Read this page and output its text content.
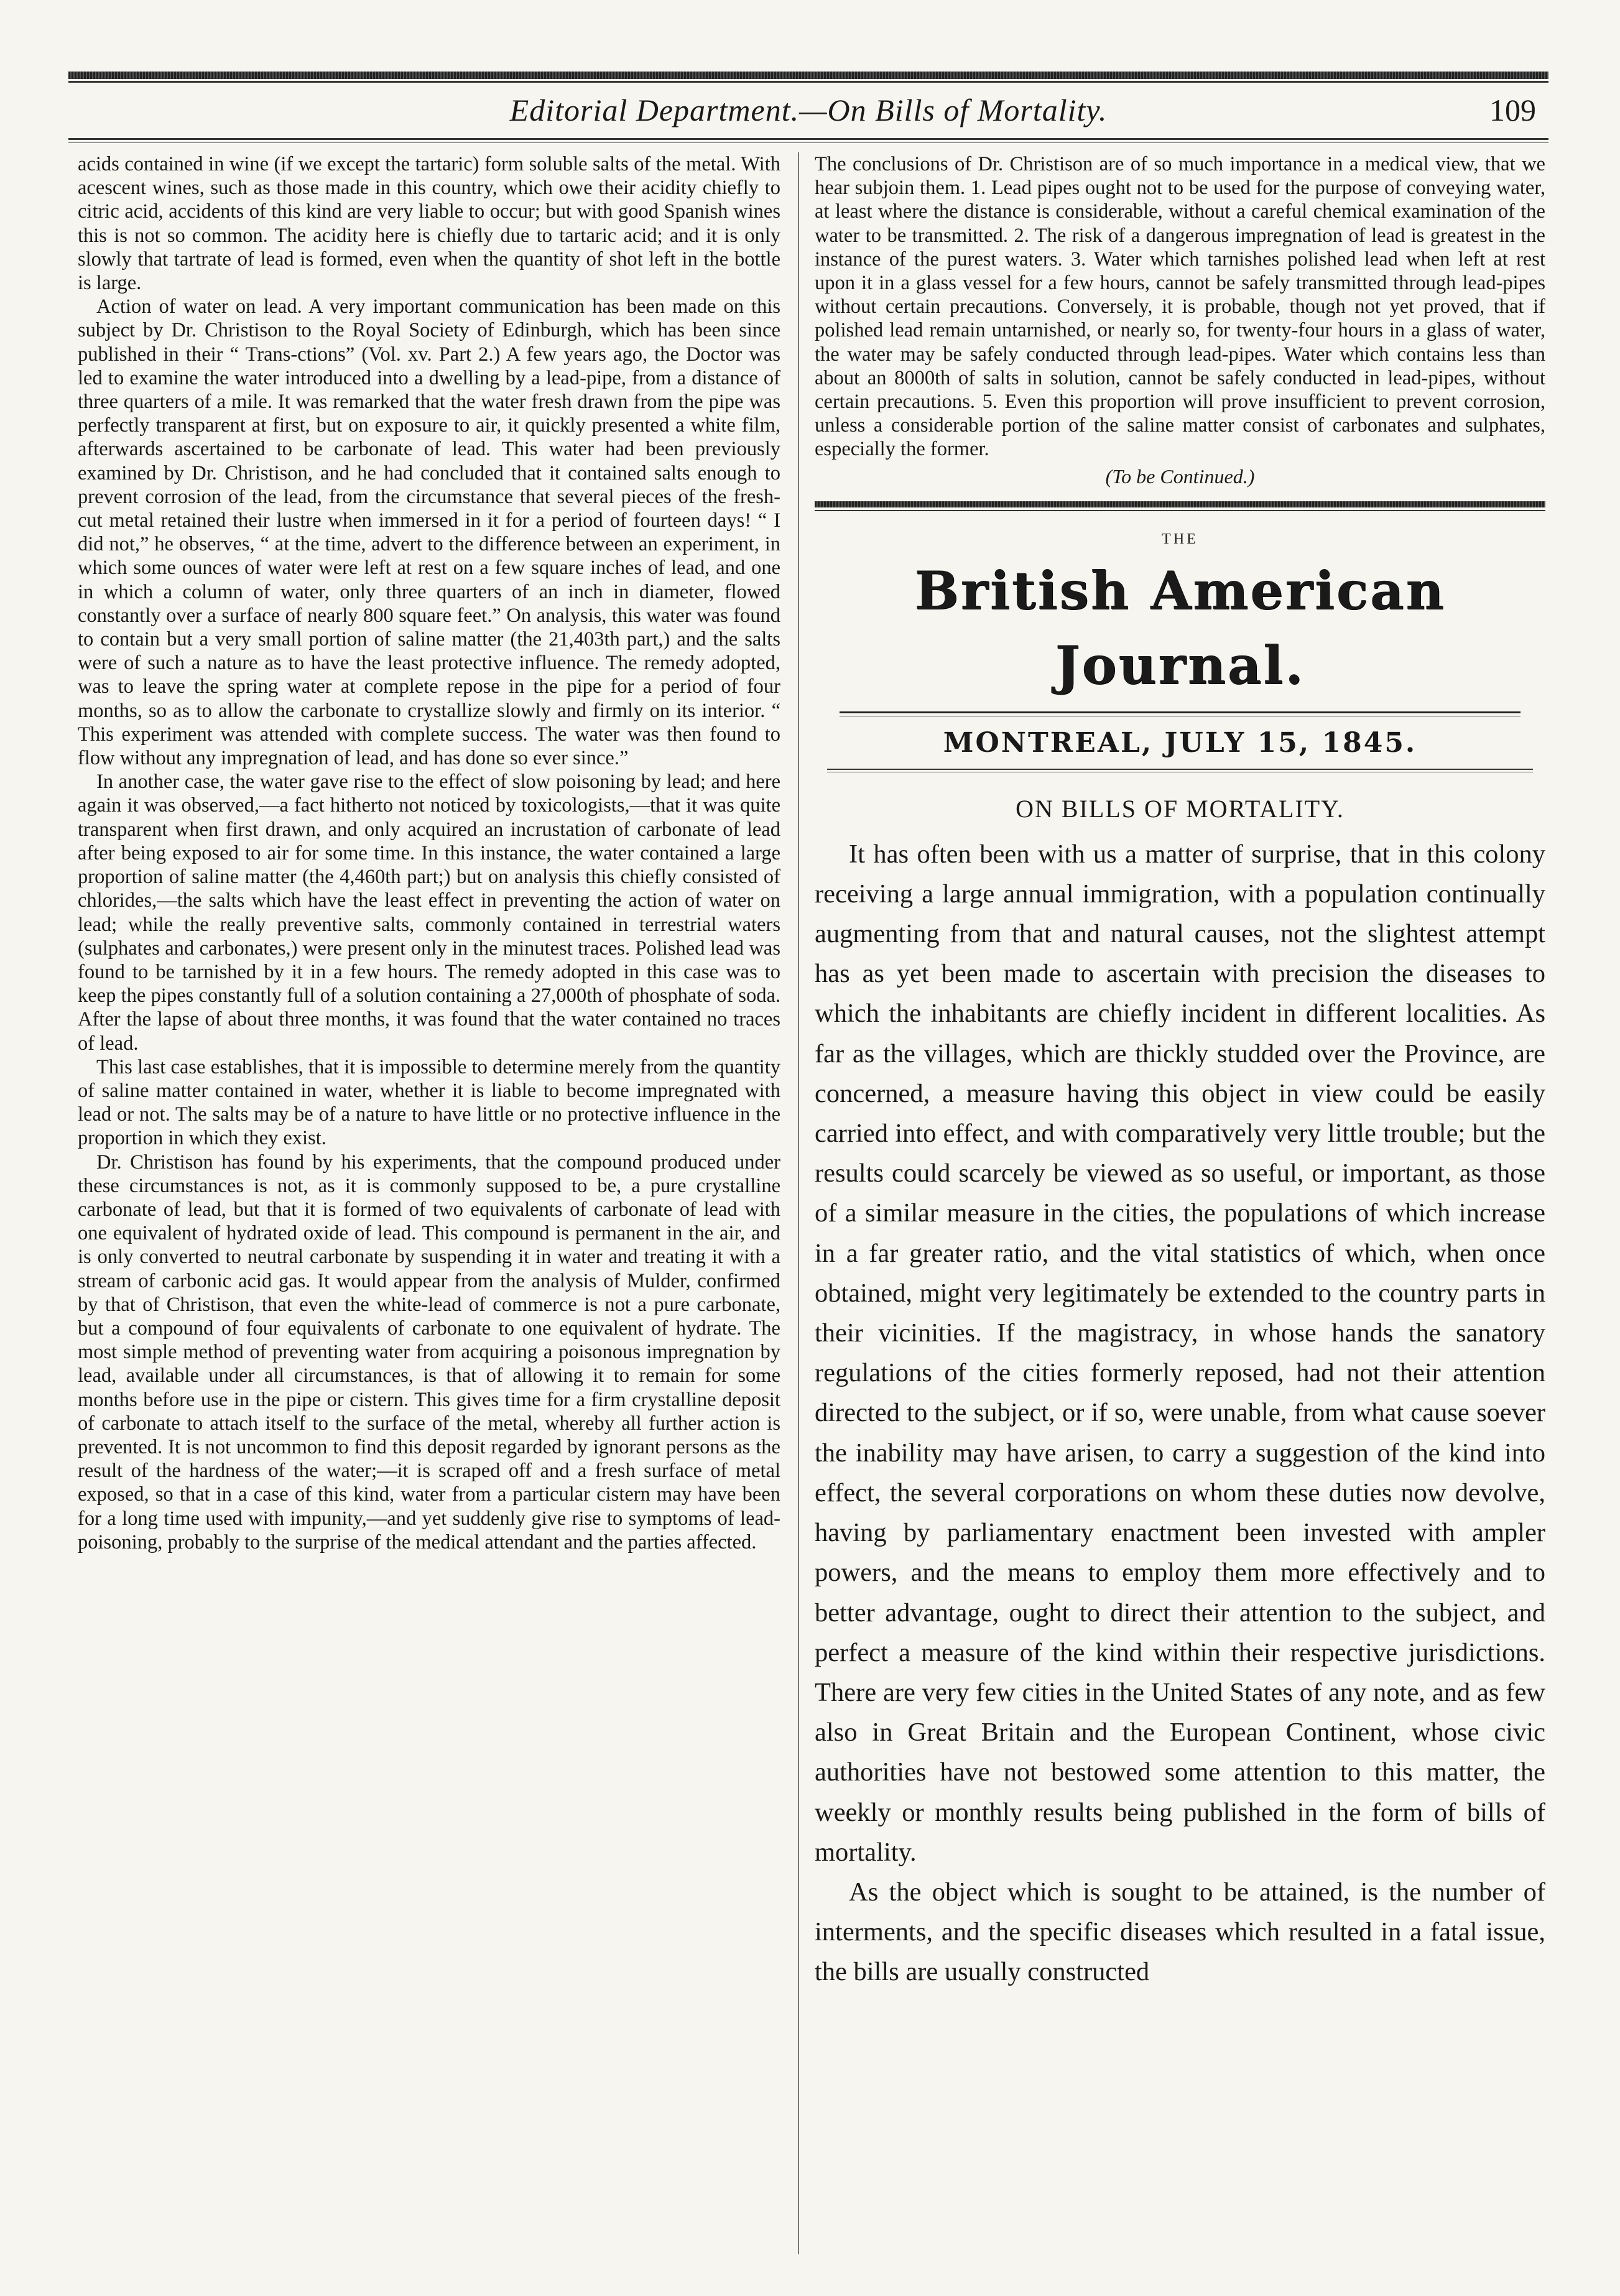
Editorial Department.—On Bills of Mortality.	109

acids contained in wine (if we except the tartaric) form soluble salts of the metal. With acescent wines, such as those made in this country, which owe their acidity chiefly to citric acid, accidents of this kind are very liable to occur; but with good Spanish wines this is not so common. The acidity here is chiefly due to tartaric acid; and it is only slowly that tartrate of lead is formed, even when the quantity of shot left in the bottle is large.

Action of water on lead. A very important communication has been made on this subject by Dr. Christison to the Royal Society of Edinburgh, which has been since published in their “ Trans-ctions” (Vol. xv. Part 2.) A few years ago, the Doctor was led to examine the water introduced into a dwelling by a lead-pipe, from a distance of three quarters of a mile. It was remarked that the water fresh drawn from the pipe was perfectly transparent at first, but on exposure to air, it quickly presented a white film, afterwards ascertained to be carbonate of lead. This water had been previously examined by Dr. Christison, and he had concluded that it contained salts enough to prevent corrosion of the lead, from the circumstance that several pieces of the fresh-cut metal retained their lustre when immersed in it for a period of fourteen days! “ I did not,” he observes, “ at the time, advert to the difference between an experiment, in which some ounces of water were left at rest on a few square inches of lead, and one in which a column of water, only three quarters of an inch in diameter, flowed constantly over a surface of nearly 800 square feet.” On analysis, this water was found to contain but a very small portion of saline matter (the 21,403th part,) and the salts were of such a nature as to have the least protective influence. The remedy adopted, was to leave the spring water at complete repose in the pipe for a period of four months, so as to allow the carbonate to crystallize slowly and firmly on its interior. “ This experiment was attended with complete success. The water was then found to flow without any impregnation of lead, and has done so ever since.”

In another case, the water gave rise to the effect of slow poisoning by lead; and here again it was observed,—a fact hitherto not noticed by toxicologists,—that it was quite transparent when first drawn, and only acquired an incrustation of carbonate of lead after being exposed to air for some time. In this instance, the water contained a large proportion of saline matter (the 4,460th part;) but on analysis this chiefly consisted of chlorides,—the salts which have the least effect in preventing the action of water on lead; while the really preventive salts, commonly contained in terrestrial waters (sulphates and carbonates,) were present only in the minutest traces. Polished lead was found to be tarnished by it in a few hours. The remedy adopted in this case was to keep the pipes constantly full of a solution containing a 27,000th of phosphate of soda. After the lapse of about three months, it was found that the water contained no traces of lead.

This last case establishes, that it is impossible to determine merely from the quantity of saline matter contained in water, whether it is liable to become impregnated with lead or not. The salts may be of a nature to have little or no protective influence in the proportion in which they exist.

Dr. Christison has found by his experiments, that the compound produced under these circumstances is not, as it is commonly supposed to be, a pure crystalline carbonate of lead, but that it is formed of two equivalents of carbonate of lead with one equivalent of hydrated oxide of lead. This compound is permanent in the air, and is only converted to neutral carbonate by suspending it in water and treating it with a stream of carbonic acid gas. It would appear from the analysis of Mulder, confirmed by that of Christison, that even the white-lead of commerce is not a pure carbonate, but a compound of four equivalents of carbonate to one equivalent of hydrate. The most simple method of preventing water from acquiring a poisonous impregnation by lead, available under all circumstances, is that of allowing it to remain for some months before use in the pipe or cistern. This gives time for a firm crystalline deposit of carbonate to attach itself to the surface of the metal, whereby all further action is prevented. It is not uncommon to find this deposit regarded by ignorant persons as the result of the hardness of the water;—it is scraped off and a fresh surface of metal exposed, so that in a case of this kind, water from a particular cistern may have been for a long time used with impunity,—and yet suddenly give rise to symptoms of lead-poisoning, probably to the surprise of the medical attendant and the parties affected.

The conclusions of Dr. Christison are of so much importance in a medical view, that we hear subjoin them. 1. Lead pipes ought not to be used for the purpose of conveying water, at least where the distance is considerable, without a careful chemical examination of the water to be transmitted. 2. The risk of a dangerous impregnation of lead is greatest in the instance of the purest waters. 3. Water which tarnishes polished lead when left at rest upon it in a glass vessel for a few hours, cannot be safely transmitted through lead-pipes without certain precautions. Conversely, it is probable, though not yet proved, that if polished lead remain untarnished, or nearly so, for twenty-four hours in a glass of water, the water may be safely conducted through lead-pipes. Water which contains less than about an 8000th of salts in solution, cannot be safely conducted in lead-pipes, without certain precautions. 5. Even this proportion will prove insufficient to prevent corrosion, unless a considerable portion of the saline matter consist of carbonates and sulphates, especially the former.

(To be Continued.)

THE
British American Journal.
MONTREAL, JULY 15, 1845.
ON BILLS OF MORTALITY.

It has often been with us a matter of surprise, that in this colony receiving a large annual immigration, with a population continually augmenting from that and natural causes, not the slightest attempt has as yet been made to ascertain with precision the diseases to which the inhabitants are chiefly incident in different localities. As far as the villages, which are thickly studded over the Province, are concerned, a measure having this object in view could be easily carried into effect, and with comparatively very little trouble; but the results could scarcely be viewed as so useful, or important, as those of a similar measure in the cities, the populations of which increase in a far greater ratio, and the vital statistics of which, when once obtained, might very legitimately be extended to the country parts in their vicinities. If the magistracy, in whose hands the sanatory regulations of the cities formerly reposed, had not their attention directed to the subject, or if so, were unable, from what cause soever the inability may have arisen, to carry a suggestion of the kind into effect, the several corporations on whom these duties now devolve, having by parliamentary enactment been invested with ampler powers, and the means to employ them more effectively and to better advantage, ought to direct their attention to the subject, and perfect a measure of the kind within their respective jurisdictions. There are very few cities in the United States of any note, and as few also in Great Britain and the European Continent, whose civic authorities have not bestowed some attention to this matter, the weekly or monthly results being published in the form of bills of mortality.

As the object which is sought to be attained, is the number of interments, and the specific diseases which resulted in a fatal issue, the bills are usually constructed
